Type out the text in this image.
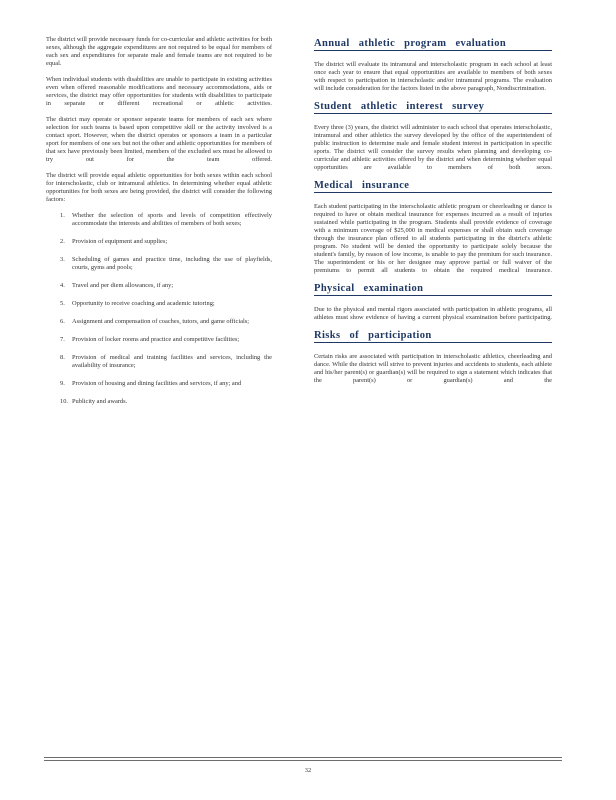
The district will provide necessary funds for co-curricular and athletic activities for both sexes, although the aggregate expenditures are not required to be equal for members of each sex and expenditures for separate male and female teams are not required to be equal.

When individual students with disabilities are unable to participate in existing activities even when offered reasonable modifications and necessary accommodations, aids or services, the district may offer opportunities for students with disabilities to participate in separate or different recreational or athletic activities.

The district may operate or sponsor separate teams for members of each sex where selection for such teams is based upon competitive skill or the activity involved is a contact sport. However, when the district operates or sponsors a team in a particular sport for members of one sex but not the other and athletic opportunities for members of that sex have previously been limited, members of the excluded sex must be allowed to try out for the team offered.

The district will provide equal athletic opportunities for both sexes within each school for interscholastic, club or intramural athletics. In determining whether equal athletic opportunities for both sexes are being provided, the district will consider the following factors:

1.	Whether the selection of sports and levels of competition effectively accommodate the interests and abilities of members of both sexes;
2.	Provision of equipment and supplies;
3.	Scheduling of games and practice time, including the use of playfields, courts, gyms and pools;
4.	Travel and per diem allowances, if any;
5.	Opportunity to receive coaching and academic tutoring;
6.	Assignment and compensation of coaches, tutors, and game officials;
7.	Provision of locker rooms and practice and competitive facilities;
8.	Provision of medical and training facilities and services, including the availability of insurance;
9.	Provision of housing and dining facilities and services, if any; and
10. Publicity and awards.
Annual athletic program evaluation

The district will evaluate its intramural and interscholastic program in each school at least once each year to ensure that equal opportunities are available to members of both sexes with respect to participation in interscholastic and/or intramural programs. The evaluation will include consideration for the factors listed in the above paragraph, Nondiscrimination.

Student athletic interest survey

Every three (3) years, the district will administer to each school that operates interscholastic, intramural and other athletics the survey developed by the office of the superintendent of public instruction to determine male and female student interest in participation in specific sports. The district will consider the survey results when planning and developing co-curricular and athletic activities offered by the district and when determining whether equal opportunities are available to members of both sexes.

Medical insurance

Each student participating in the interscholastic athletic program or cheerleading or dance is required to have or obtain medical insurance for expenses incurred as a result of injuries sustained while participating in the program. Students shall provide evidence of coverage with a minimum coverage of $25,000 in medical expenses or shall obtain such coverage through the insurance plan offered to all students participating in the district's athletic program. No student will be denied the opportunity to participate solely because the student's family, by reason of low income, is unable to pay the premium for such insurance. The superintendent or his or her designee may approve partial or full waiver of the premiums to permit all students to obtain the required medical insurance.

Physical examination

Due to the physical and mental rigors associated with participation in athletic programs, all athletes must show evidence of having a current physical examination before participating.

Risks of participation

Certain risks are associated with participation in interscholastic athletics, cheerleading and dance. While the district will strive to prevent injuries and accidents to students, each athlete and his/her parent(s) or guardian(s) will be required to sign a statement which indicates that the parent(s) or guardian(s) and the

32
